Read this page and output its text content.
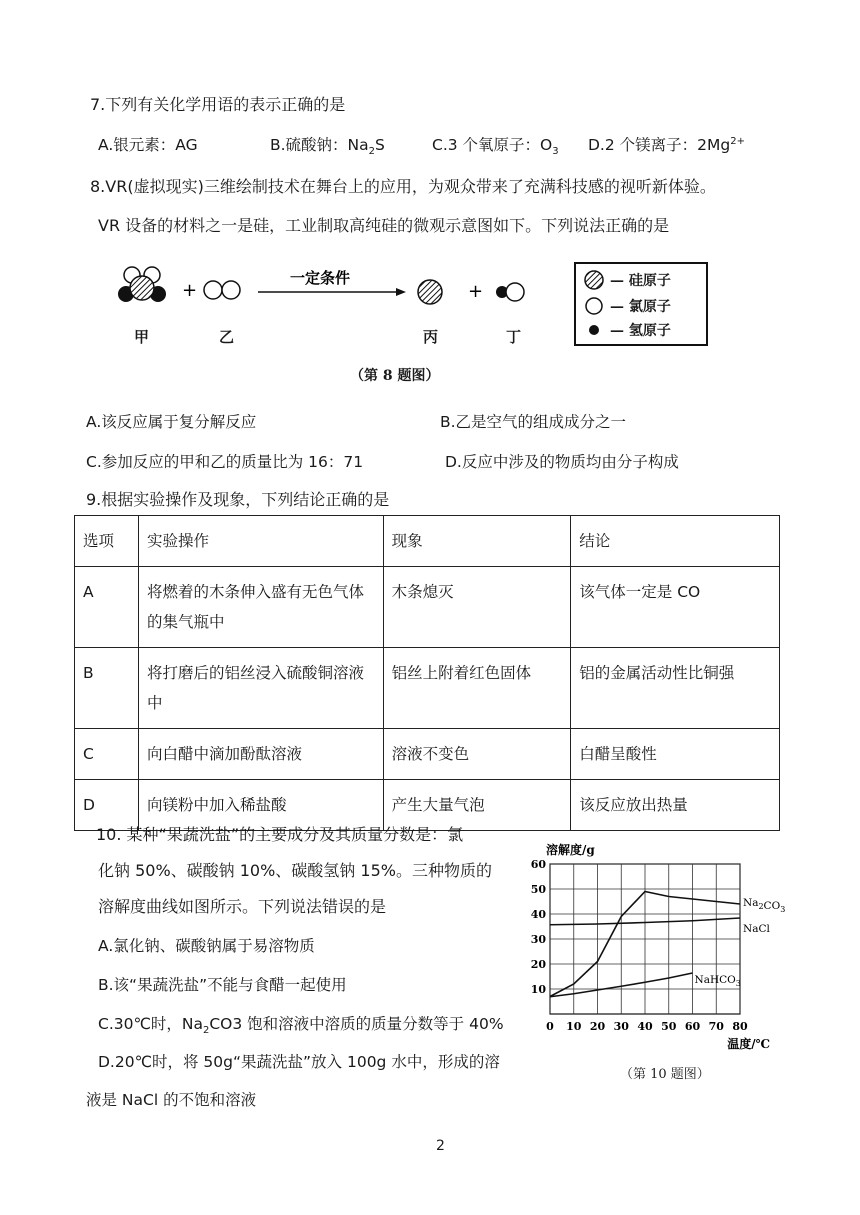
7.下列有关化学用语的表示正确的是
A.银元素：AG	B.硫酸钠：$Na_2S$	C.3 个氧原子：$O_3$ D.2 个镁离子：$2Mg^{2+}$
8.VR(虚拟现实)三维绘制技术在舞台上的应用，为观众带来了充满科技感的视听新体验。
VR 设备的材料之一是硅，工业制取高纯硅的微观示意图如下。下列说法正确的是
+
一定条件
+
甲	乙	丙	丁
— 硅原子
— 氯原子
— 氢原子
（第 8 题图）
A.该反应属于复分解反应	B.乙是空气的组成成分之一
C.参加反应的甲和乙的质量比为 16：71	D.反应中涉及的物质均由分子构成
9.根据实验操作及现象，下列结论正确的是
选项	实验操作	现象	结论
A	将燃着的木条伸入盛有无色气体的集气瓶中	木条熄灭	该气体一定是 CO
B	将打磨后的铝丝浸入硫酸铜溶液中	铝丝上附着红色固体	铝的金属活动性比铜强
C	向白醋中滴加酚酞溶液	溶液不变色	白醋呈酸性
D	向镁粉中加入稀盐酸	产生大量气泡	该反应放出热量
10. 某种“果蔬洗盐”的主要成分及其质量分数是：氯
化钠 50%、碳酸钠 10%、碳酸氢钠 15%。三种物质的
溶解度曲线如图所示。下列说法错误的是
A.氯化钠、碳酸钠属于易溶物质
B.该“果蔬洗盐”不能与食醋一起使用
C.30℃时，$Na_2CO3$ 饱和溶液中溶质的质量分数等于 40%
D.20℃时，将 50g“果蔬洗盐”放入 100g 水中，形成的溶
液是 NaCl 的不饱和溶液
0 10 20 30 40 50 60 70 80
10
20
30
40
50
60
溶解度/g
温度/℃
$Na_2CO_3$
NaCl
NaHCO$_3$
（第 10 题图）
2
